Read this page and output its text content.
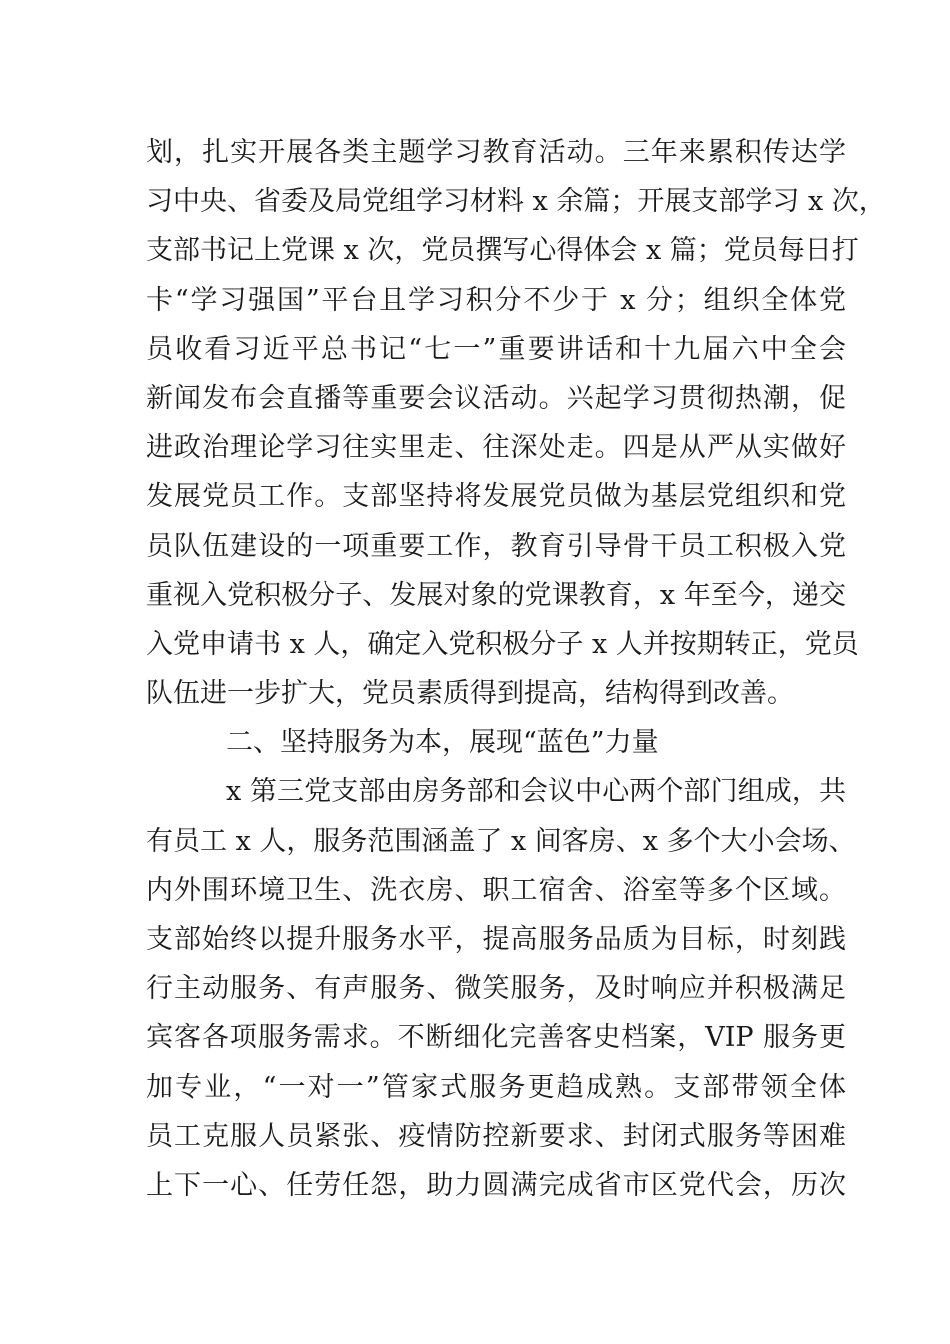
划，扎实开展各类主题学习教育活动。三年来累积传达学
习中央、省委及局党组学习材料 x 余篇；开展支部学习 x 次，
支部书记上党课 x 次，党员撰写心得体会 x 篇；党员每日打
卡“学习强国”平台且学习积分不少于 x 分；组织全体党
员收看习近平总书记“七一”重要讲话和十九届六中全会
新闻发布会直播等重要会议活动。兴起学习贯彻热潮，促
进政治理论学习往实里走、往深处走。四是从严从实做好
发展党员工作。支部坚持将发展党员做为基层党组织和党
员队伍建设的一项重要工作，教育引导骨干员工积极入党
重视入党积极分子、发展对象的党课教育，x 年至今，递交
入党申请书 x 人，确定入党积极分子 x 人并按期转正，党员
队伍进一步扩大，党员素质得到提高，结构得到改善。
二、坚持服务为本，展现“蓝色”力量
x 第三党支部由房务部和会议中心两个部门组成，共
有员工 x 人，服务范围涵盖了 x 间客房、x 多个大小会场、
内外围环境卫生、洗衣房、职工宿舍、浴室等多个区域。
支部始终以提升服务水平，提高服务品质为目标，时刻践
行主动服务、有声服务、微笑服务，及时响应并积极满足
宾客各项服务需求。不断细化完善客史档案，VIP 服务更
加专业，“一对一”管家式服务更趋成熟。支部带领全体
员工克服人员紧张、疫情防控新要求、封闭式服务等困难
上下一心、任劳任怨，助力圆满完成省市区党代会，历次
